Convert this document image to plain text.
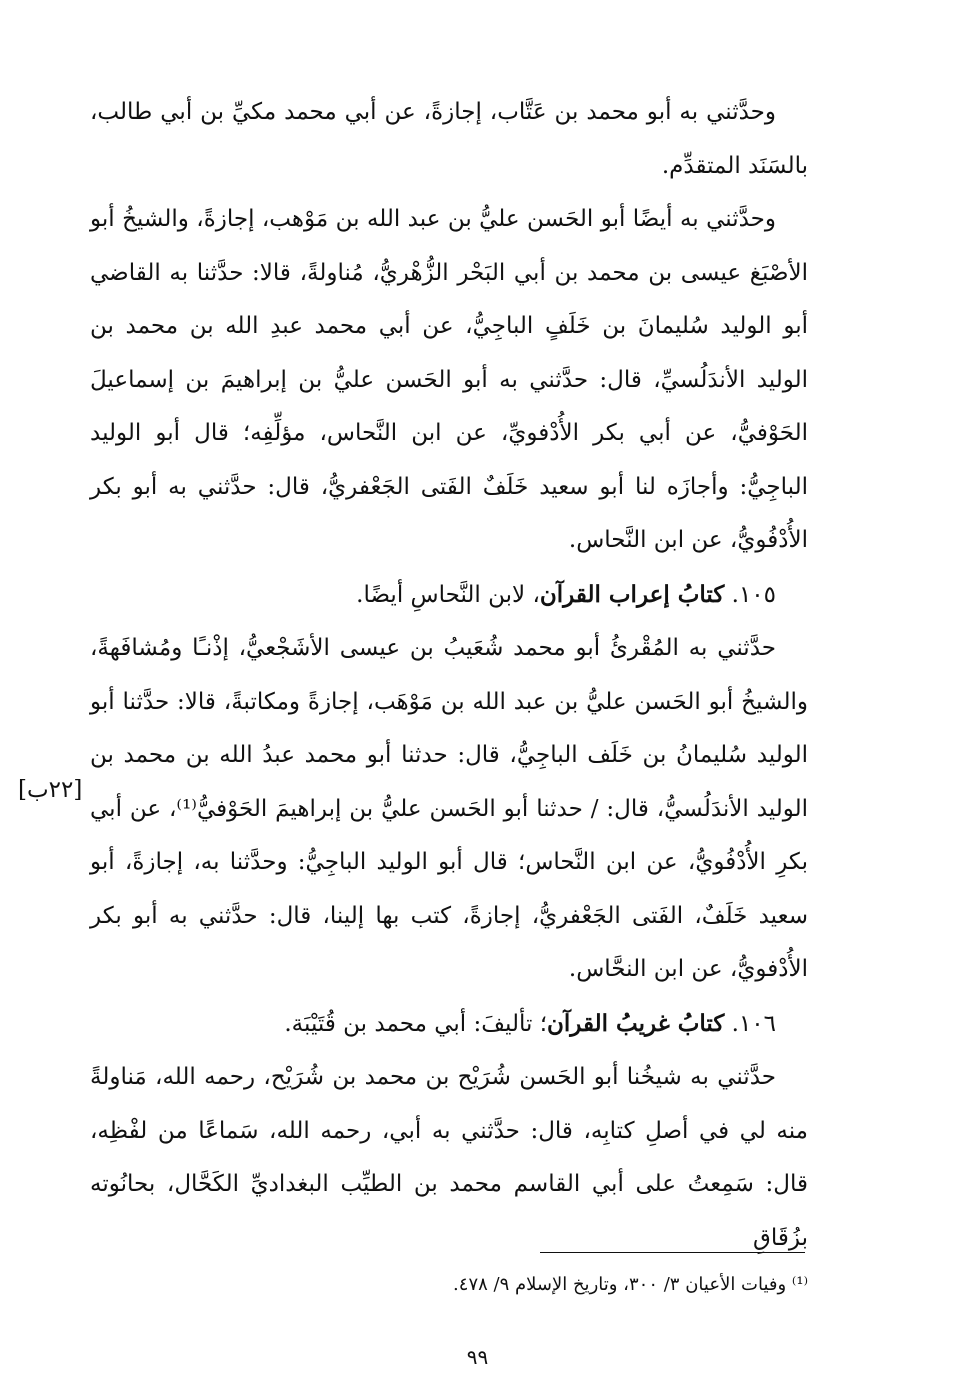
وحدَّثني به أبو محمد بن عَتَّاب، إجازةً، عن أبي محمد مكيِّ بن أبي طالب، بالسَنَد المتقدِّم.

وحدَّثني به أيضًا أبو الحَسن عليُّ بن عبد الله بن مَوْهب، إجازةً، والشيخُ أبو الأصْبَغ عيسى بن محمد بن أبي البَحْر الزُّهْريُّ، مُناولةً، قالا: حدَّثنا به القاضي أبو الوليد سُليمانَ بن خَلَفٍ الباجِيُّ، عن أبي محمد عبدِ الله بن محمد بن الوليد الأندَلُسيِّ، قال: حدَّثني به أبو الحَسن عليُّ بن إبراهيمَ بن إسماعيلَ الحَوْفيُّ، عن أبي بكر الأُدْفويِّ، عن ابن النَّحاس، مؤلِّفِه؛ قال أبو الوليد الباجِيُّ: وأجازَه لنا أبو سعيد خَلَفٌ الفَتى الجَعْفريُّ، قال: حدَّثني به أبو بكر الأُدْفُويُّ، عن ابن النَّحاس.

١٠٥. كتابُ إعراب القرآن، لابن النَّحاسِ أيضًا.

حدَّثني به المُقْرئُ أبو محمد شُعَيبُ بن عيسى الأشَجْعيُّ، إذْنـًا ومُشافَهةً، والشيخُ أبو الحَسن عليُّ بن عبد الله بن مَوْهَب، إجازةً ومكاتبةً، قالا: حدَّثنا أبو الوليد سُليمانُ بن خَلَف الباجِيُّ، قال: حدثنا أبو محمد عبدُ الله بن محمد بن الوليد الأندَلُسيُّ، قال: / حدثنا أبو الحَسن عليُّ بن إبراهيمَ الحَوْفيُّ⁽¹⁾، عن أبي بكرِ الأُدْفُويُّ، عن ابن النَّحاس؛ قال أبو الوليد الباجِيُّ: وحدَّثنا به، إجازةً، أبو سعيد خَلَفٌ، الفَتى الجَعْفريُّ، إجازةً، كتب بها إلينا، قال: حدَّثني به أبو بكر الأُدْفويُّ، عن ابن النحَّاس.

١٠٦. كتابُ غريبُ القرآن؛ تأليفَ: أبي محمد بن قُتَيْبَة.

حدَّثني به شيخُنا أبو الحَسن شُرَيْح بن محمد بن شُرَيْح، رحمه الله، مَناولةً منه لي في أصلِ كتابِه، قال: حدَّثني به أبي، رحمه الله، سَماعًا من لفْظِه، قال: سَمِعتُ على أبي القاسم محمد بن الطيِّب البغداديِّ الكَحَّال، بحانُوته بزُقَاقِ

[٢٢ب]
⁽¹⁾ وفيات الأعيان ٣/ ٣٠٠، وتاريخ الإسلام ٩/ ٤٧٨.
٩٩
